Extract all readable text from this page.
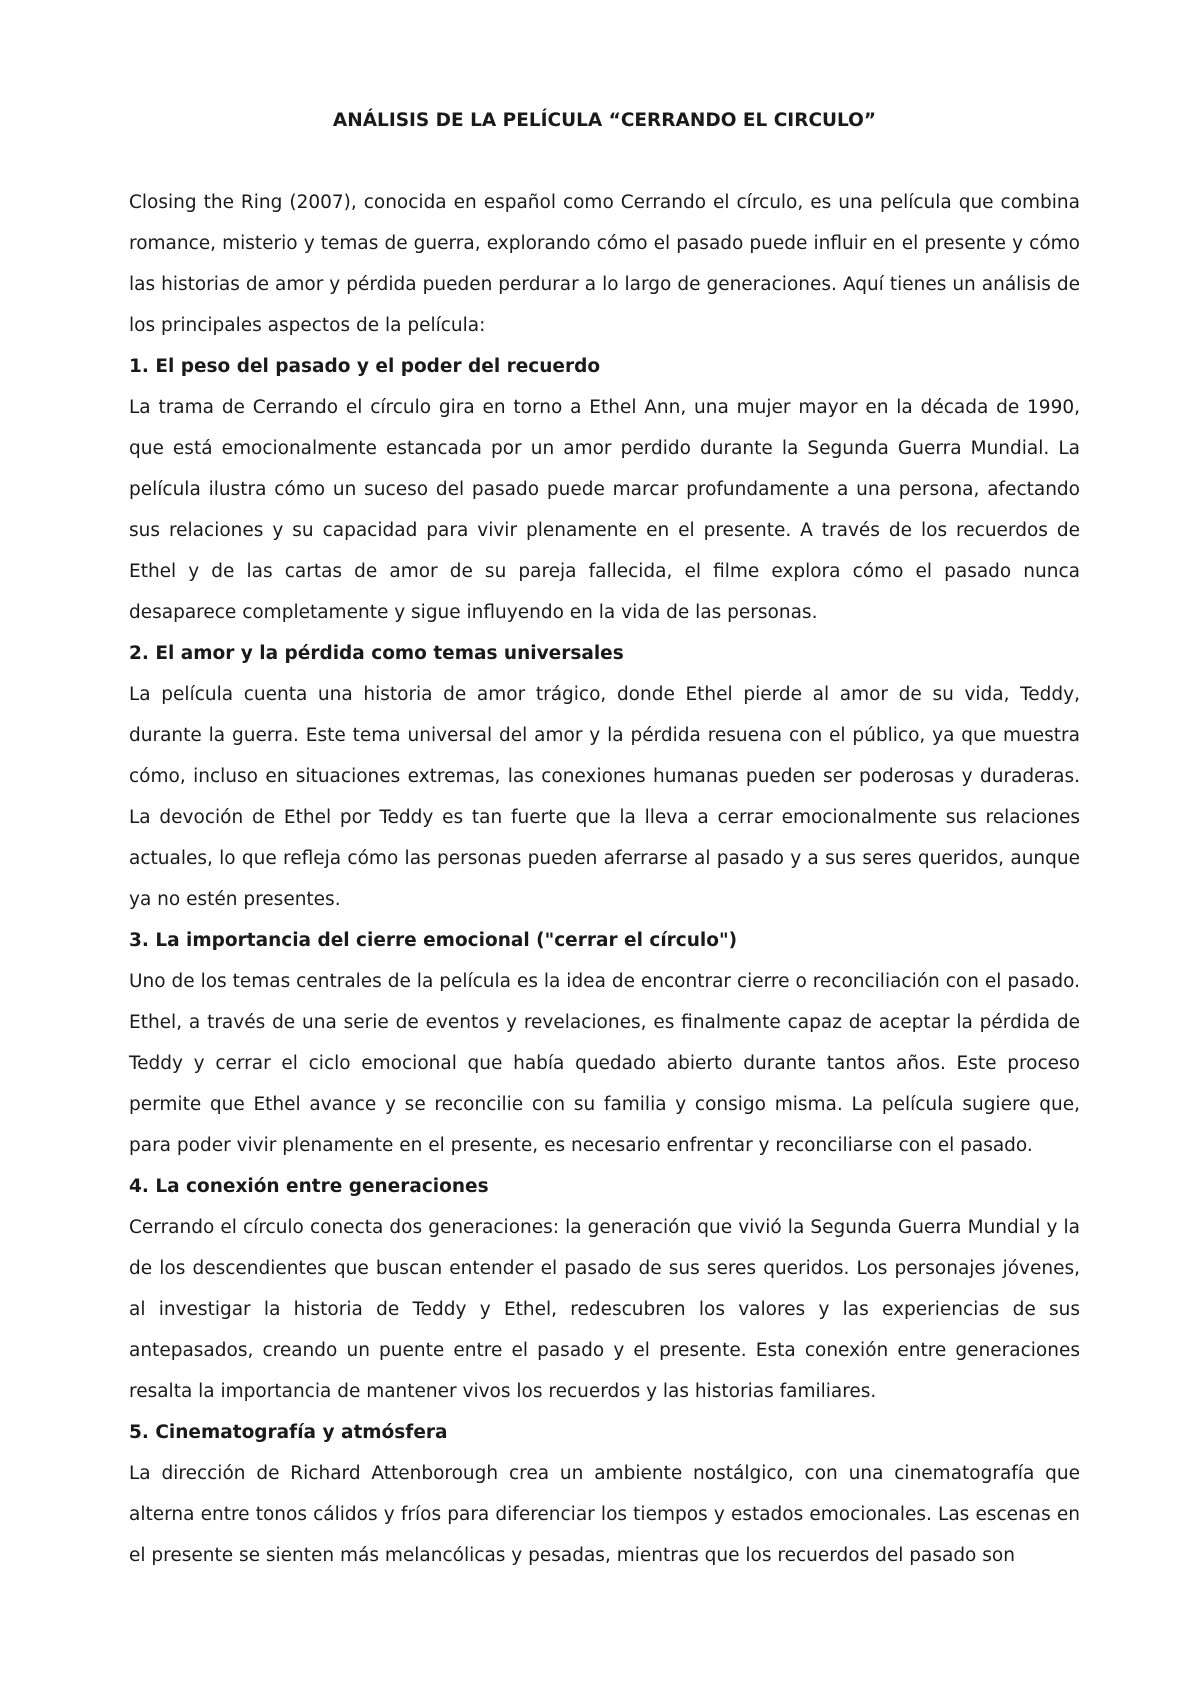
ANÁLISIS DE LA PELÍCULA “CERRANDO EL CIRCULO”

Closing the Ring (2007), conocida en español como Cerrando el círculo, es una película que combina romance, misterio y temas de guerra, explorando cómo el pasado puede influir en el presente y cómo las historias de amor y pérdida pueden perdurar a lo largo de generaciones. Aquí tienes un análisis de los principales aspectos de la película:

1. El peso del pasado y el poder del recuerdo

La trama de Cerrando el círculo gira en torno a Ethel Ann, una mujer mayor en la década de 1990, que está emocionalmente estancada por un amor perdido durante la Segunda Guerra Mundial. La película ilustra cómo un suceso del pasado puede marcar profundamente a una persona, afectando sus relaciones y su capacidad para vivir plenamente en el presente. A través de los recuerdos de Ethel y de las cartas de amor de su pareja fallecida, el filme explora cómo el pasado nunca desaparece completamente y sigue influyendo en la vida de las personas.

2. El amor y la pérdida como temas universales

La película cuenta una historia de amor trágico, donde Ethel pierde al amor de su vida, Teddy, durante la guerra. Este tema universal del amor y la pérdida resuena con el público, ya que muestra cómo, incluso en situaciones extremas, las conexiones humanas pueden ser poderosas y duraderas. La devoción de Ethel por Teddy es tan fuerte que la lleva a cerrar emocionalmente sus relaciones actuales, lo que refleja cómo las personas pueden aferrarse al pasado y a sus seres queridos, aunque ya no estén presentes.

3. La importancia del cierre emocional ("cerrar el círculo")

Uno de los temas centrales de la película es la idea de encontrar cierre o reconciliación con el pasado. Ethel, a través de una serie de eventos y revelaciones, es finalmente capaz de aceptar la pérdida de Teddy y cerrar el ciclo emocional que había quedado abierto durante tantos años. Este proceso permite que Ethel avance y se reconcilie con su familia y consigo misma. La película sugiere que, para poder vivir plenamente en el presente, es necesario enfrentar y reconciliarse con el pasado.

4. La conexión entre generaciones

Cerrando el círculo conecta dos generaciones: la generación que vivió la Segunda Guerra Mundial y la de los descendientes que buscan entender el pasado de sus seres queridos. Los personajes jóvenes, al investigar la historia de Teddy y Ethel, redescubren los valores y las experiencias de sus antepasados, creando un puente entre el pasado y el presente. Esta conexión entre generaciones resalta la importancia de mantener vivos los recuerdos y las historias familiares.

5. Cinematografía y atmósfera

La dirección de Richard Attenborough crea un ambiente nostálgico, con una cinematografía que alterna entre tonos cálidos y fríos para diferenciar los tiempos y estados emocionales. Las escenas en el presente se sienten más melancólicas y pesadas, mientras que los recuerdos del pasado son
